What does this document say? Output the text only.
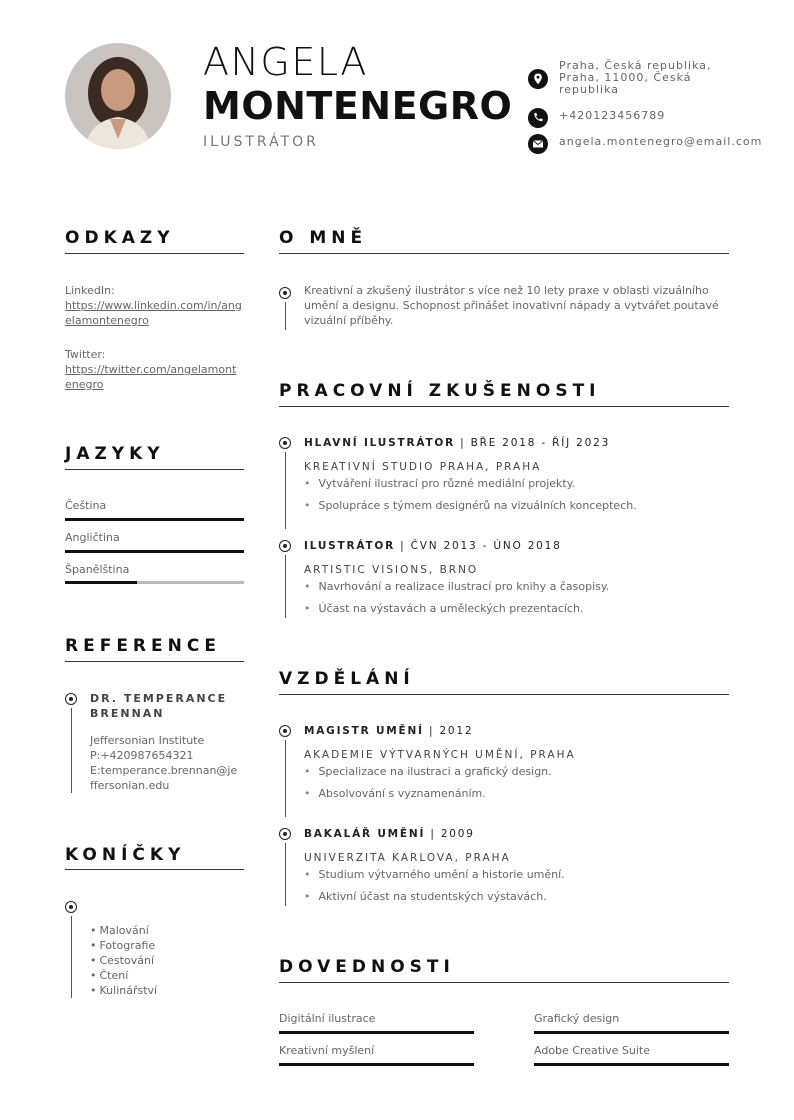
ANGELA
MONTENEGRO
ILUSTRÁTOR
Praha, Česká republika, Praha, 11000, Česká republika
+420123456789
angela.montenegro@email.com
ODKAZY
LinkedIn:
https://www.linkedin.com/in/angelamontenegro
Twitter:
https://twitter.com/angelamontenegro
JAZYKY
Čeština
Angličtina
Španělština
REFERENCE
DR. TEMPERANCE BRENNAN
Jeffersonian Institute
P:+420987654321
E:temperance.brennan@jeffersonian.edu
KONÍČKY
• Malování
• Fotografie
• Cestování
• Čtení
• Kulinářství
O MNĚ
Kreativní a zkušený ilustrátor s více než 10 lety praxe v oblasti vizuálního umění a designu. Schopnost přinášet inovativní nápady a vytvářet poutavé vizuální příběhy.
PRACOVNÍ ZKUŠENOSTI
HLAVNÍ ILUSTRÁTOR | BŘE 2018 - ŘÍJ 2023
KREATIVNÍ STUDIO PRAHA, PRAHA
• Vytváření ilustrací pro různé mediální projekty.
• Spolupráce s týmem designérů na vizuálních konceptech.
ILUSTRÁTOR | ČVN 2013 - ÚNO 2018
ARTISTIC VISIONS, BRNO
• Navrhování a realizace ilustrací pro knihy a časopisy.
• Účast na výstavách a uměleckých prezentacích.
VZDĚLÁNÍ
MAGISTR UMĚNÍ | 2012
AKADEMIE VÝTVARNÝCH UMĚNÍ, PRAHA
• Specializace na ilustraci a grafický design.
• Absolvování s vyznamenáním.
BAKALÁŘ UMĚNÍ | 2009
UNIVERZITA KARLOVA, PRAHA
• Studium výtvarného umění a historie umění.
• Aktivní účast na studentských výstavách.
DOVEDNOSTI
Digitální ilustrace	Grafický design
Kreativní myšlení	Adobe Creative Suite
